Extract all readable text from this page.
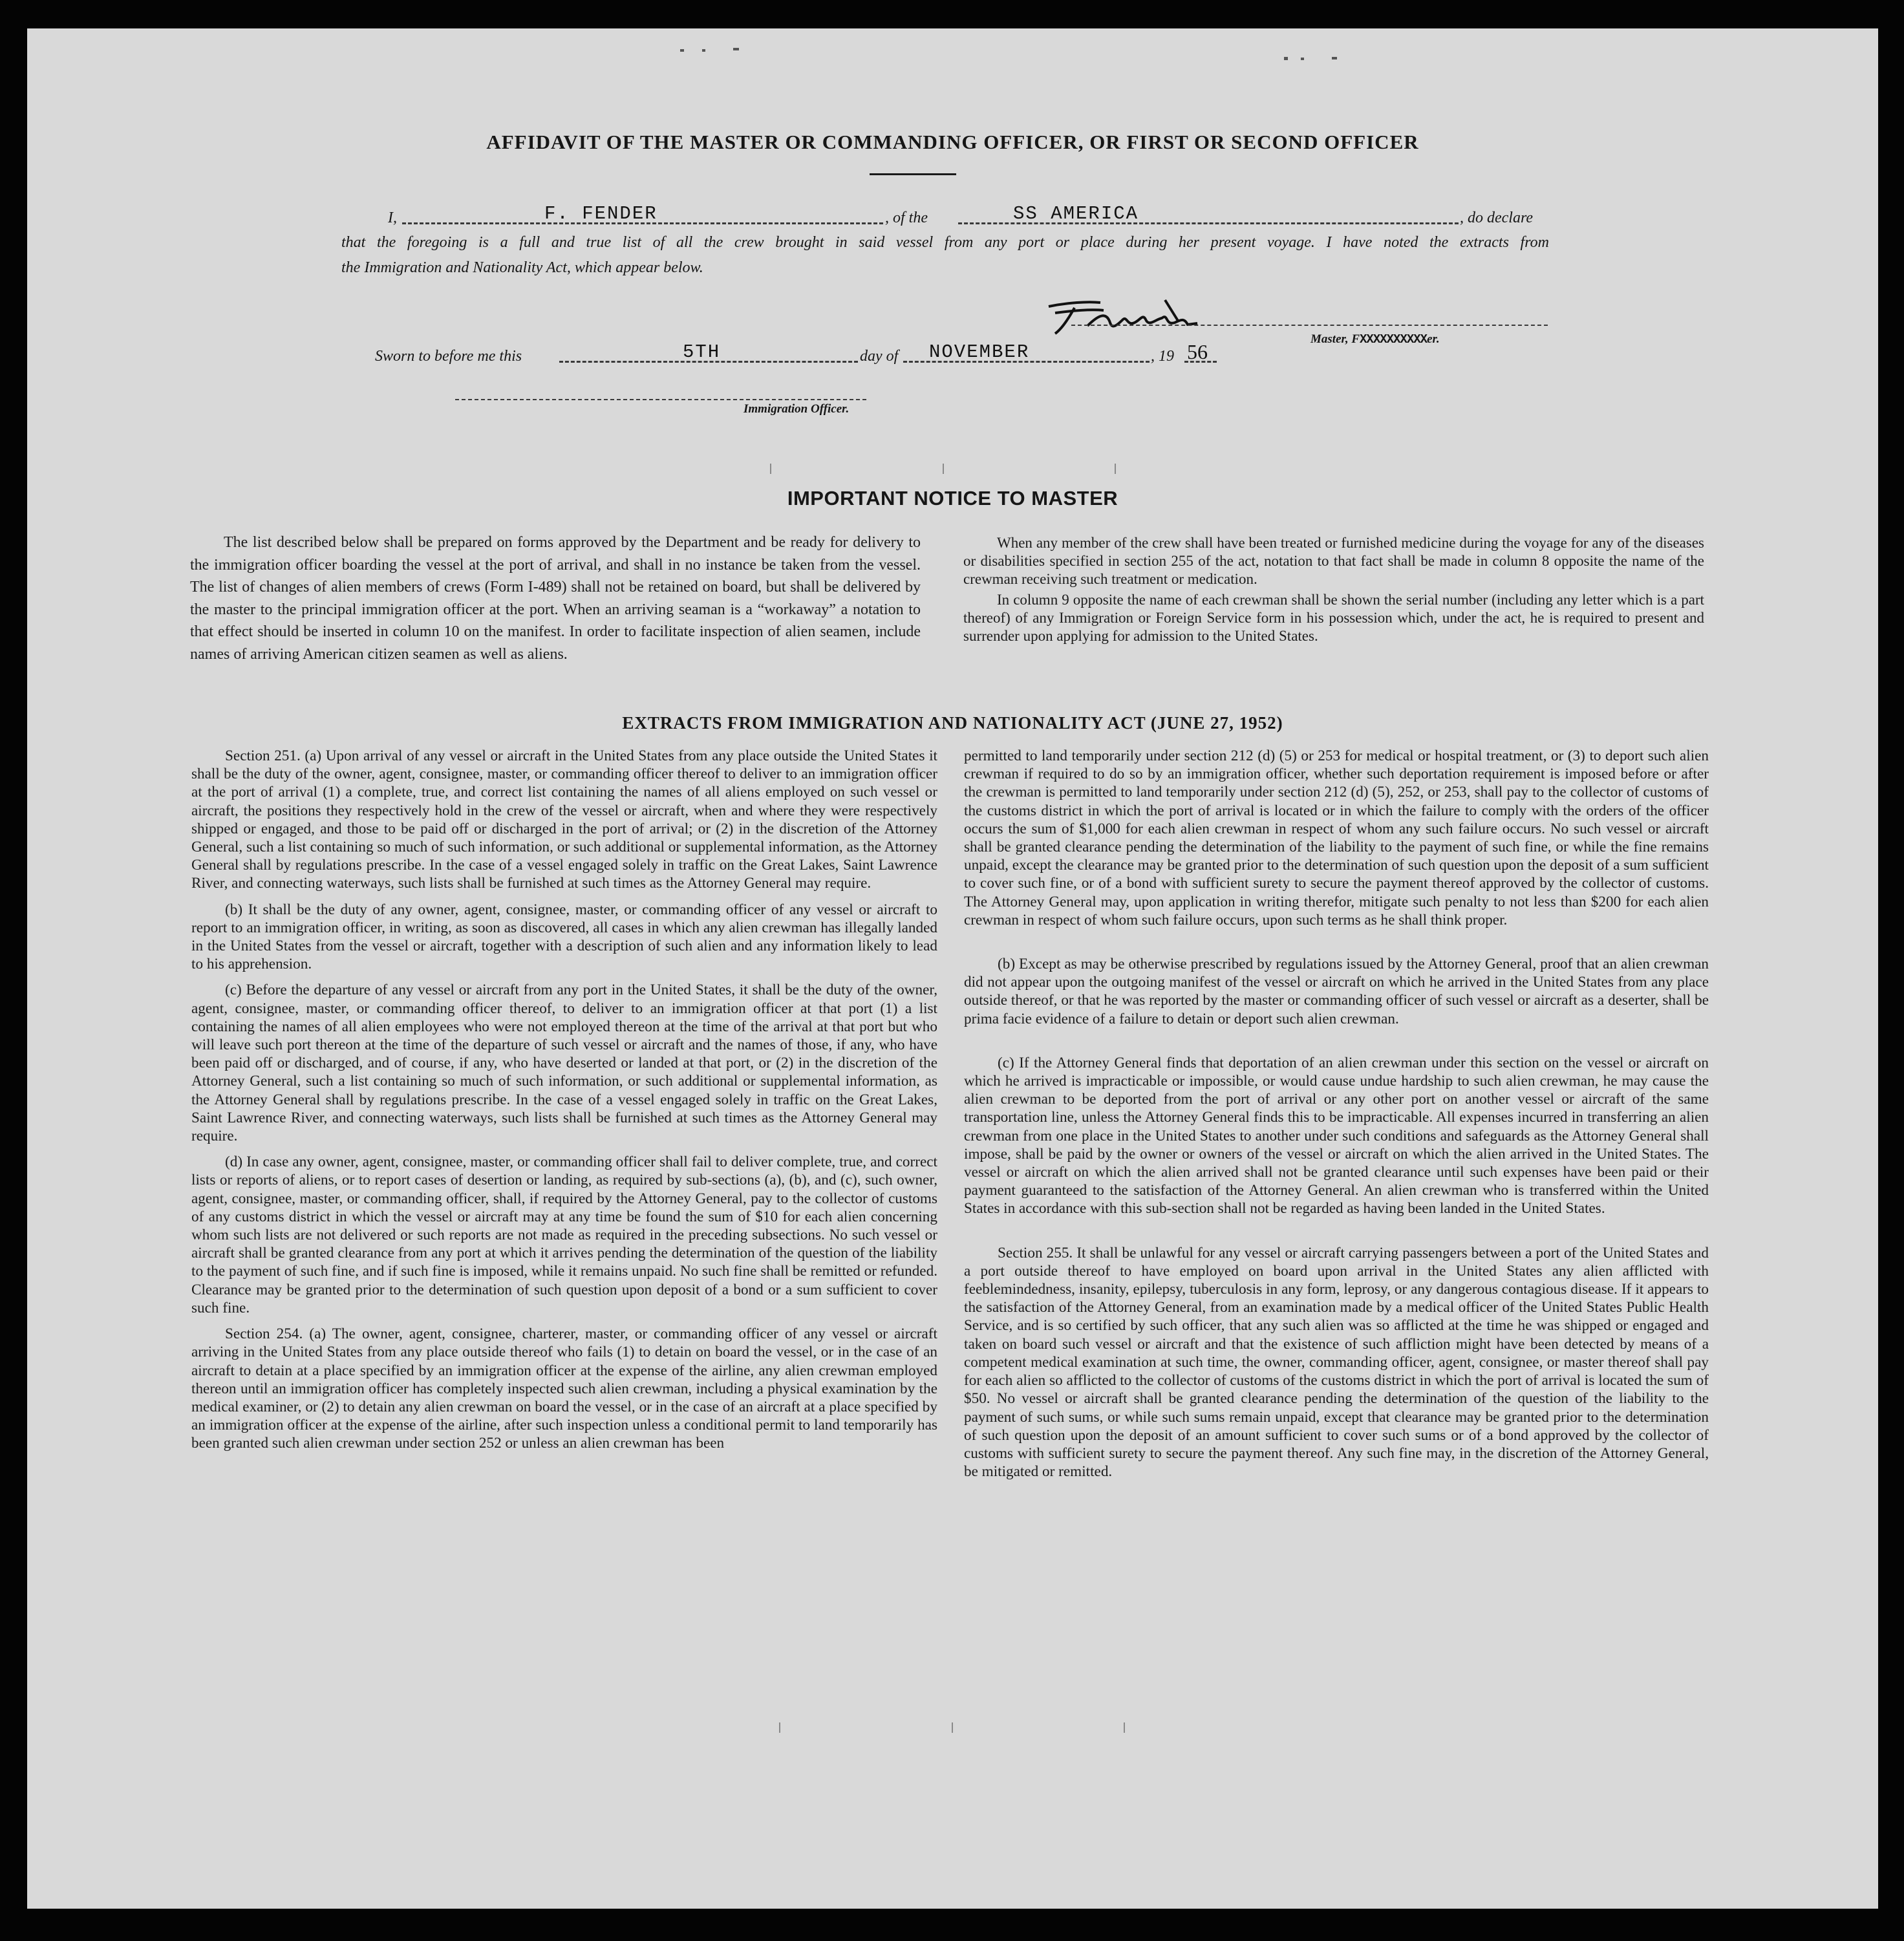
AFFIDAVIT OF THE MASTER OR COMMANDING OFFICER, OR FIRST OR SECOND OFFICER
I,	F. FENDER	, of the	SS AMERICA	, do declare
that the foregoing is a full and true list of all the crew brought in said vessel from any port or place during her present voyage. I have noted the extracts from
the Immigration and Nationality Act, which appear below.
Master, FXXXXXXXXXXer.
Sworn to before me this	5TH	day of NOVEMBER	, 19 56
Immigration Officer.
IMPORTANT NOTICE TO MASTER

The list described below shall be prepared on forms approved by the Department and be ready for delivery to the immigration officer boarding the vessel at the port of arrival, and shall in no instance be taken from the vessel. The list of changes of alien members of crews (Form I-489) shall not be retained on board, but shall be delivered by the master to the principal immigration officer at the port. When an arriving seaman is a “workaway” a notation to that effect should be inserted in column 10 on the manifest. In order to facilitate inspection of alien seamen, include names of arriving American citizen seamen as well as aliens.

When any member of the crew shall have been treated or furnished medicine during the voyage for any of the diseases or disabilities specified in section 255 of the act, notation to that fact shall be made in column 8 opposite the name of the crewman receiving such treatment or medication.

In column 9 opposite the name of each crewman shall be shown the serial number (including any letter which is a part thereof) of any Immigration or Foreign Service form in his possession which, under the act, he is required to present and surrender upon applying for admission to the United States.

EXTRACTS FROM IMMIGRATION AND NATIONALITY ACT (JUNE 27, 1952)

Section 251. (a) Upon arrival of any vessel or aircraft in the United States from any place outside the United States it shall be the duty of the owner, agent, consignee, master, or commanding officer thereof to deliver to an immigration officer at the port of arrival (1) a complete, true, and correct list containing the names of all aliens employed on such vessel or aircraft, the positions they respectively hold in the crew of the vessel or aircraft, when and where they were respectively shipped or engaged, and those to be paid off or discharged in the port of arrival; or (2) in the discretion of the Attorney General, such a list containing so much of such information, or such additional or supplemental information, as the Attorney General shall by regulations prescribe. In the case of a vessel engaged solely in traffic on the Great Lakes, Saint Lawrence River, and connecting waterways, such lists shall be furnished at such times as the Attorney General may require.

(b) It shall be the duty of any owner, agent, consignee, master, or commanding officer of any vessel or aircraft to report to an immigration officer, in writing, as soon as discovered, all cases in which any alien crewman has illegally landed in the United States from the vessel or aircraft, together with a description of such alien and any information likely to lead to his apprehension.

(c) Before the departure of any vessel or aircraft from any port in the United States, it shall be the duty of the owner, agent, consignee, master, or commanding officer thereof, to deliver to an immigration officer at that port (1) a list containing the names of all alien employees who were not employed thereon at the time of the arrival at that port but who will leave such port thereon at the time of the departure of such vessel or aircraft and the names of those, if any, who have been paid off or discharged, and of course, if any, who have deserted or landed at that port, or (2) in the discretion of the Attorney General, such a list containing so much of such information, or such additional or supplemental information, as the Attorney General shall by regulations prescribe. In the case of a vessel engaged solely in traffic on the Great Lakes, Saint Lawrence River, and connecting waterways, such lists shall be furnished at such times as the Attorney General may require.

(d) In case any owner, agent, consignee, master, or commanding officer shall fail to deliver complete, true, and correct lists or reports of aliens, or to report cases of desertion or landing, as required by sub-sections (a), (b), and (c), such owner, agent, consignee, master, or commanding officer, shall, if required by the Attorney General, pay to the collector of customs of any customs district in which the vessel or aircraft may at any time be found the sum of $10 for each alien concerning whom such lists are not delivered or such reports are not made as required in the preceding subsections. No such vessel or aircraft shall be granted clearance from any port at which it arrives pending the determination of the question of the liability to the payment of such fine, and if such fine is imposed, while it remains unpaid. No such fine shall be remitted or refunded. Clearance may be granted prior to the determination of such question upon deposit of a bond or a sum sufficient to cover such fine.

Section 254. (a) The owner, agent, consignee, charterer, master, or commanding officer of any vessel or aircraft arriving in the United States from any place outside thereof who fails (1) to detain on board the vessel, or in the case of an aircraft to detain at a place specified by an immigration officer at the expense of the airline, any alien crewman employed thereon until an immigration officer has completely inspected such alien crewman, including a physical examination by the medical examiner, or (2) to detain any alien crewman on board the vessel, or in the case of an aircraft at a place specified by an immigration officer at the expense of the airline, after such inspection unless a conditional permit to land temporarily has been granted such alien crewman under section 252 or unless an alien crewman has been

permitted to land temporarily under section 212 (d) (5) or 253 for medical or hospital treatment, or (3) to deport such alien crewman if required to do so by an immigration officer, whether such deportation requirement is imposed before or after the crewman is permitted to land temporarily under section 212 (d) (5), 252, or 253, shall pay to the collector of customs of the customs district in which the port of arrival is located or in which the failure to comply with the orders of the officer occurs the sum of $1,000 for each alien crewman in respect of whom any such failure occurs. No such vessel or aircraft shall be granted clearance pending the determination of the liability to the payment of such fine, or while the fine remains unpaid, except the clearance may be granted prior to the determination of such question upon the deposit of a sum sufficient to cover such fine, or of a bond with sufficient surety to secure the payment thereof approved by the collector of customs. The Attorney General may, upon application in writing therefor, mitigate such penalty to not less than $200 for each alien crewman in respect of whom such failure occurs, upon such terms as he shall think proper.

(b) Except as may be otherwise prescribed by regulations issued by the Attorney General, proof that an alien crewman did not appear upon the outgoing manifest of the vessel or aircraft on which he arrived in the United States from any place outside thereof, or that he was reported by the master or commanding officer of such vessel or aircraft as a deserter, shall be prima facie evidence of a failure to detain or deport such alien crewman.

(c) If the Attorney General finds that deportation of an alien crewman under this section on the vessel or aircraft on which he arrived is impracticable or impossible, or would cause undue hardship to such alien crewman, he may cause the alien crewman to be deported from the port of arrival or any other port on another vessel or aircraft of the same transportation line, unless the Attorney General finds this to be impracticable. All expenses incurred in transferring an alien crewman from one place in the United States to another under such conditions and safeguards as the Attorney General shall impose, shall be paid by the owner or owners of the vessel or aircraft on which the alien arrived in the United States. The vessel or aircraft on which the alien arrived shall not be granted clearance until such expenses have been paid or their payment guaranteed to the satisfaction of the Attorney General. An alien crewman who is transferred within the United States in accordance with this sub-section shall not be regarded as having been landed in the United States.

Section 255. It shall be unlawful for any vessel or aircraft carrying passengers between a port of the United States and a port outside thereof to have employed on board upon arrival in the United States any alien afflicted with feeblemindedness, insanity, epilepsy, tuberculosis in any form, leprosy, or any dangerous contagious disease. If it appears to the satisfaction of the Attorney General, from an examination made by a medical officer of the United States Public Health Service, and is so certified by such officer, that any such alien was so afflicted at the time he was shipped or engaged and taken on board such vessel or aircraft and that the existence of such affliction might have been detected by means of a competent medical examination at such time, the owner, commanding officer, agent, consignee, or master thereof shall pay for each alien so afflicted to the collector of customs of the customs district in which the port of arrival is located the sum of $50. No vessel or aircraft shall be granted clearance pending the determination of the question of the liability to the payment of such sums, or while such sums remain unpaid, except that clearance may be granted prior to the determination of such question upon the deposit of an amount sufficient to cover such sums or of a bond approved by the collector of customs with sufficient surety to secure the payment thereof. Any such fine may, in the discretion of the Attorney General, be mitigated or remitted.
